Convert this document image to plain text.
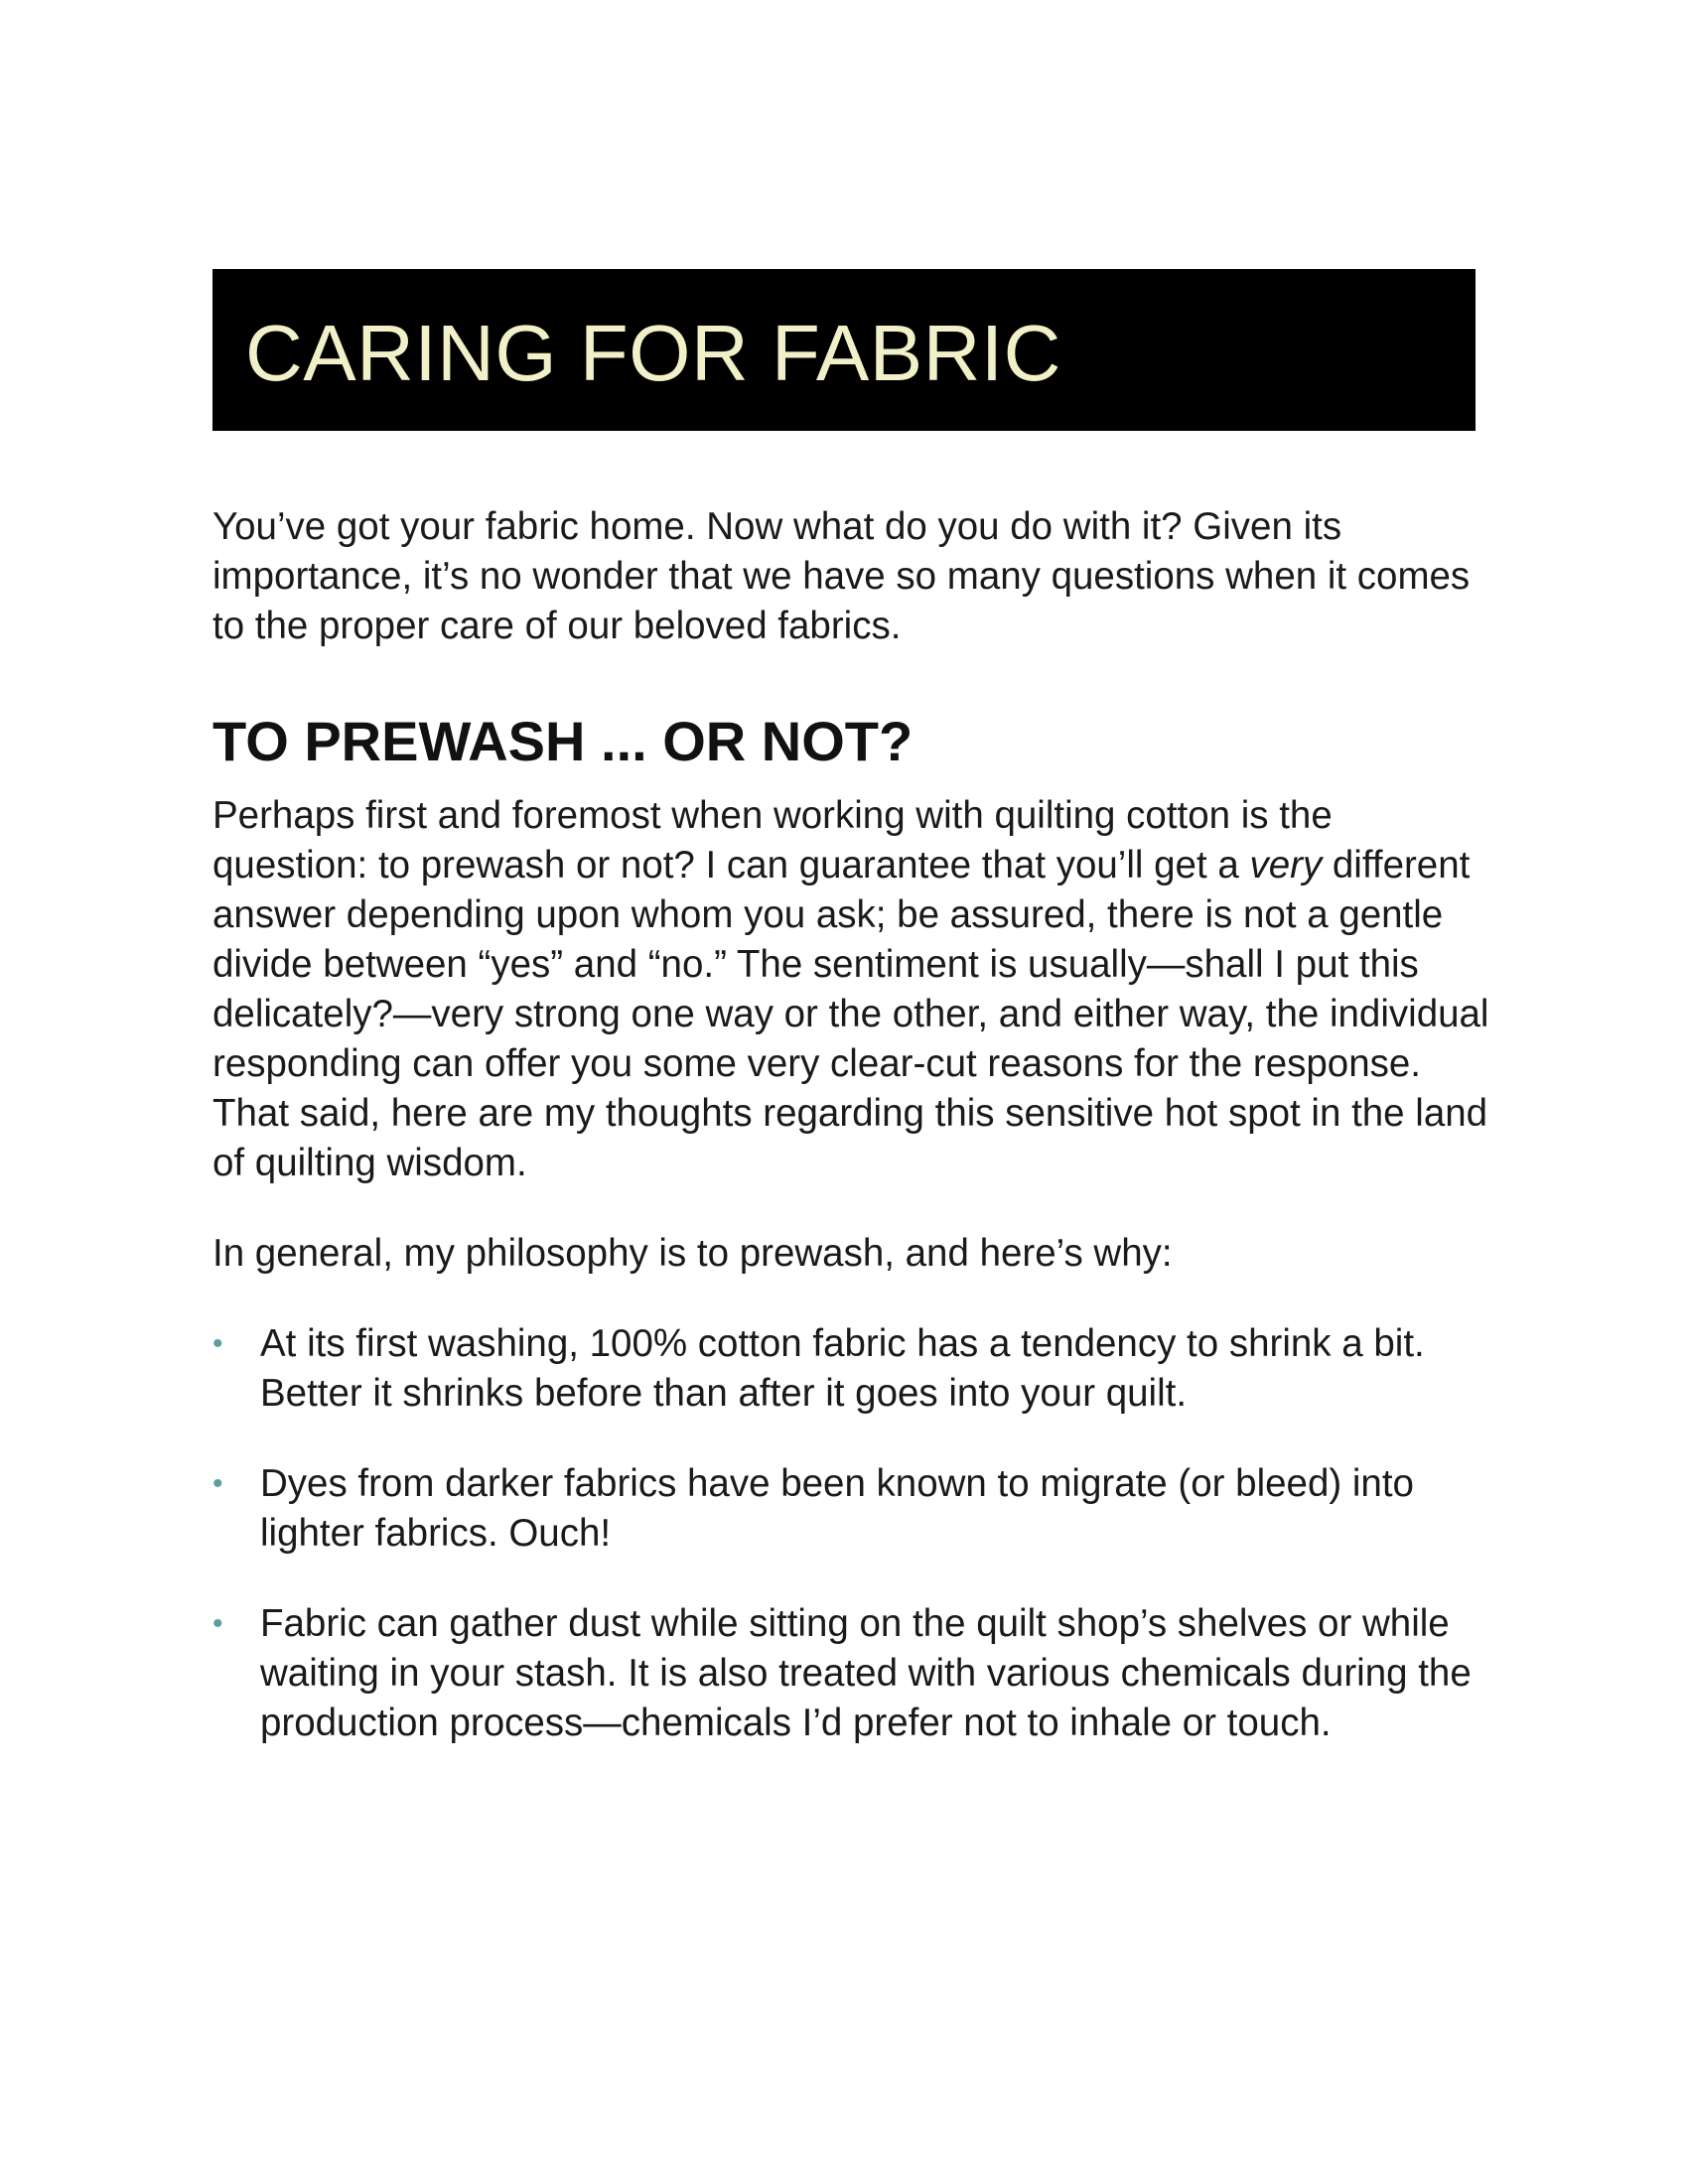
CARING FOR FABRIC

You’ve got your fabric home. Now what do you do with it? Given its importance, it’s no wonder that we have so many questions when it comes to the proper care of our beloved fabrics.

TO PREWASH ... OR NOT?

Perhaps first and foremost when working with quilting cotton is the question: to prewash or not? I can guarantee that you’ll get a very different answer depending upon whom you ask; be assured, there is not a gentle divide between “yes” and “no.” The sentiment is usually—shall I put this delicately?—very strong one way or the other, and either way, the individual responding can offer you some very clear-cut reasons for the response. That said, here are my thoughts regarding this sensitive hot spot in the land of quilting wisdom.

In general, my philosophy is to prewash, and here’s why:

• At its first washing, 100% cotton fabric has a tendency to shrink a bit. Better it shrinks before than after it goes into your quilt.
• Dyes from darker fabrics have been known to migrate (or bleed) into lighter fabrics. Ouch!
• Fabric can gather dust while sitting on the quilt shop’s shelves or while waiting in your stash. It is also treated with various chemicals during the production process—chemicals I’d prefer not to inhale or touch.
